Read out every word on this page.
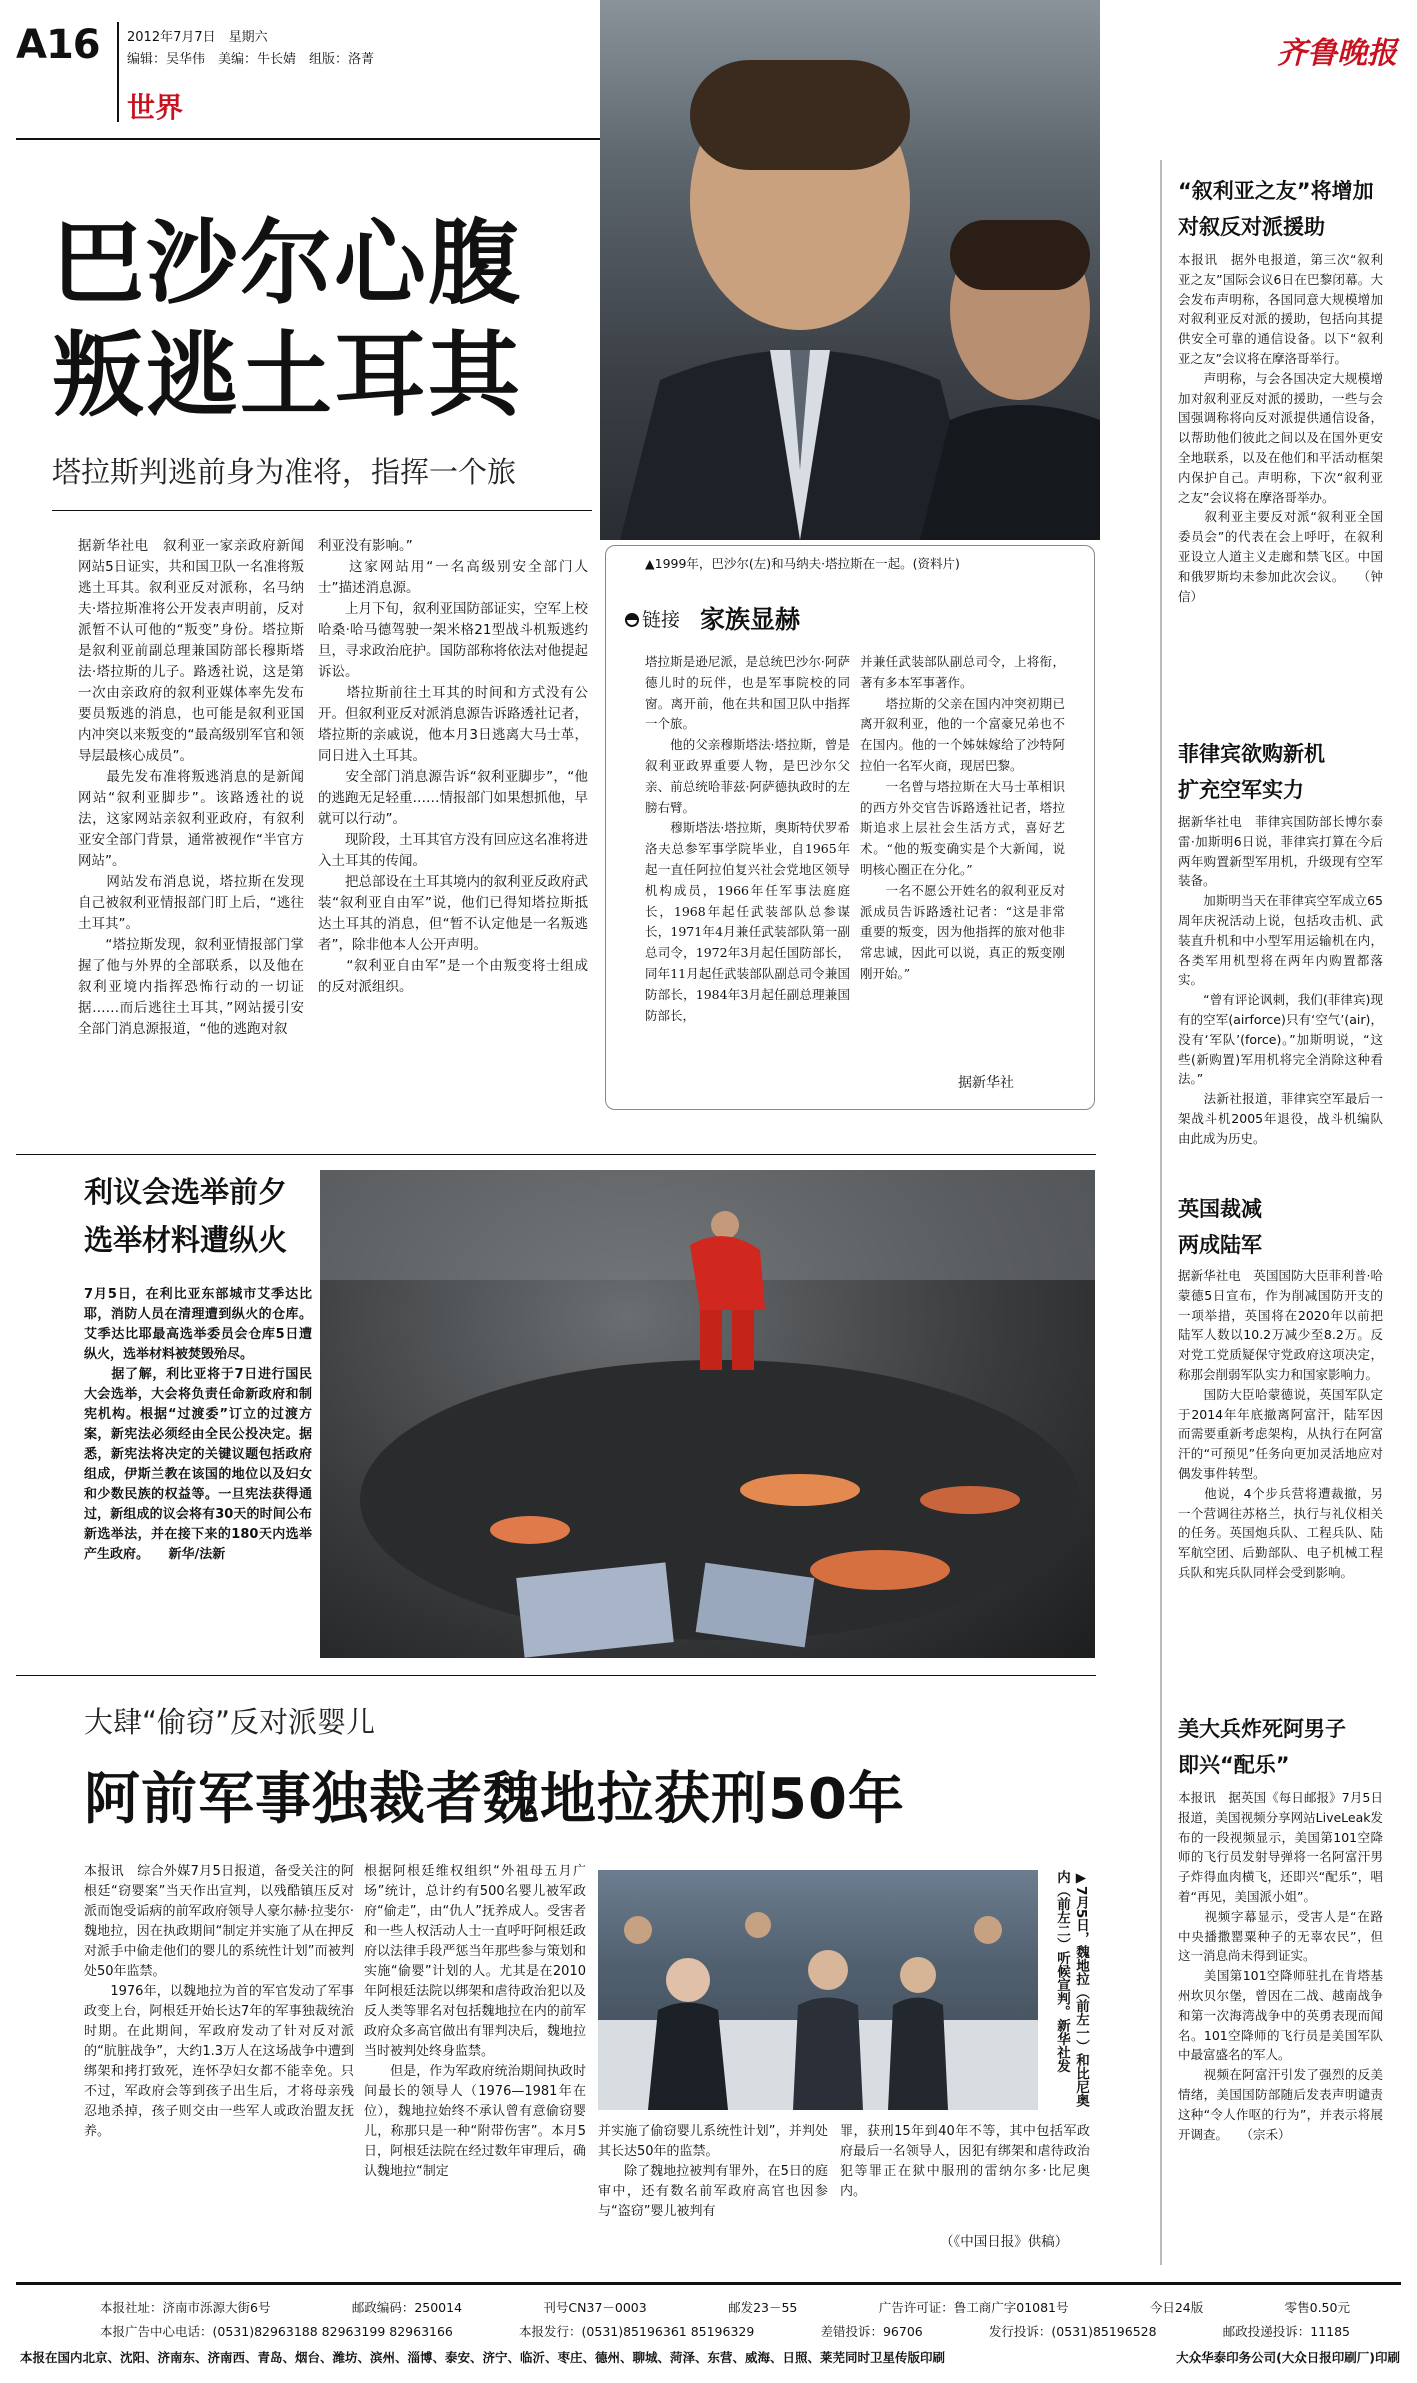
A16 2012年7月7日　星期六
编辑：吴华伟　美编：牛长婧　组版：洛菁
世界
齐鲁晚报
巴沙尔心腹
叛逃土耳其
塔拉斯判逃前身为准将，指挥一个旅
据新华社电　叙利亚一家亲政府新闻网站5日证实，共和国卫队一名准将叛逃土耳其。叙利亚反对派称，名马纳夫·塔拉斯准将公开发表声明前，反对派暂不认可他的“叛变”身份。塔拉斯是叙利亚前副总理兼国防部长穆斯塔法·塔拉斯的儿子。路透社说，这是第一次由亲政府的叙利亚媒体率先发布要员叛逃的消息，也可能是叙利亚国内冲突以来叛变的“最高级别军官和领导层最核心成员”。
　　最先发布准将叛逃消息的是新闻网站“叙利亚脚步”。该路透社的说法，这家网站亲叙利亚政府，有叙利亚安全部门背景，通常被视作“半官方网站”。
　　网站发布消息说，塔拉斯在发现自己被叙利亚情报部门盯上后，“逃往土耳其”。
　　“塔拉斯发现，叙利亚情报部门掌握了他与外界的全部联系，以及他在叙利亚境内指挥恐怖行动的一切证据……而后逃往土耳其，”网站援引安全部门消息源报道，“他的逃跑对叙
利亚没有影响。”
　　这家网站用“一名高级别安全部门人士”描述消息源。
　　上月下旬，叙利亚国防部证实，空军上校哈桑·哈马德驾驶一架米格21型战斗机叛逃约旦，寻求政治庇护。国防部称将依法对他提起诉讼。
　　塔拉斯前往土耳其的时间和方式没有公开。但叙利亚反对派消息源告诉路透社记者，塔拉斯的亲戚说，他本月3日逃离大马士革，同日进入土耳其。
　　安全部门消息源告诉“叙利亚脚步”，“他的逃跑无足轻重……情报部门如果想抓他，早就可以行动”。
　　现阶段，土耳其官方没有回应这名准将进入土耳其的传闻。
　　把总部设在土耳其境内的叙利亚反政府武装“叙利亚自由军”说，他们已得知塔拉斯抵达土耳其的消息，但“暂不认定他是一名叛逃者”，除非他本人公开声明。
　　“叙利亚自由军”是一个由叛变将士组成的反对派组织。
▲1999年，巴沙尔(左)和马纳夫·塔拉斯在一起。(资料片)
链接 家族显赫
塔拉斯是逊尼派，是总统巴沙尔·阿萨德儿时的玩伴，也是军事院校的同窗。离开前，他在共和国卫队中指挥一个旅。
　　他的父亲穆斯塔法·塔拉斯，曾是叙利亚政界重要人物，是巴沙尔父亲、前总统哈菲兹·阿萨德执政时的左膀右臂。
　　穆斯塔法·塔拉斯，奥斯特伏罗希洛夫总参军事学院毕业，自1965年起一直任阿拉伯复兴社会党地区领导机构成员，1966年任军事法庭庭长，1968年起任武装部队总参谋长，1971年4月兼任武装部队第一副总司令，1972年3月起任国防部长，同年11月起任武装部队副总司令兼国防部长，1984年3月起任副总理兼国防部长，
并兼任武装部队副总司令，上将衔，著有多本军事著作。
　　塔拉斯的父亲在国内冲突初期已离开叙利亚，他的一个富豪兄弟也不在国内。他的一个姊妹嫁给了沙特阿拉伯一名军火商，现居巴黎。
　　一名曾与塔拉斯在大马士革相识的西方外交官告诉路透社记者，塔拉斯追求上层社会生活方式，喜好艺术。“他的叛变确实是个大新闻，说明核心圈正在分化。”
　　一名不愿公开姓名的叙利亚反对派成员告诉路透社记者：“这是非常重要的叛变，因为他指挥的旅对他非常忠诚，因此可以说，真正的叛变刚刚开始。”
据新华社
利议会选举前夕
选举材料遭纵火
7月5日，在利比亚东部城市艾季达比耶，消防人员在清理遭到纵火的仓库。艾季达比耶最高选举委员会仓库5日遭纵火，选举材料被焚毁殆尽。
　　据了解，利比亚将于7日进行国民大会选举，大会将负责任命新政府和制宪机构。根据“过渡委”订立的过渡方案，新宪法必须经由全民公投决定。据悉，新宪法将决定的关键议题包括政府组成，伊斯兰教在该国的地位以及妇女和少数民族的权益等。一旦宪法获得通过，新组成的议会将有30天的时间公布新选举法，并在接下来的180天内选举产生政府。　　新华/法新
大肆“偷窃”反对派婴儿
阿前军事独裁者魏地拉获刑50年
本报讯　综合外媒7月5日报道，备受关注的阿根廷“窃婴案”当天作出宣判，以残酷镇压反对派而饱受诟病的前军政府领导人豪尔赫·拉斐尔·魏地拉，因在执政期间“制定并实施了从在押反对派手中偷走他们的婴儿的系统性计划”而被判处50年监禁。
　　1976年，以魏地拉为首的军官发动了军事政变上台，阿根廷开始长达7年的军事独裁统治时期。在此期间，军政府发动了针对反对派的“肮脏战争”，大约1.3万人在这场战争中遭到绑架和拷打致死，连怀孕妇女都不能幸免。只不过，军政府会等到孩子出生后，才将母亲残忍地杀掉，孩子则交由一些军人或政治盟友抚养。
根据阿根廷维权组织“外祖母五月广场”统计，总计约有500名婴儿被军政府“偷走”，由“仇人”抚养成人。受害者和一些人权活动人士一直呼吁阿根廷政府以法律手段严惩当年那些参与策划和实施“偷婴”计划的人。尤其是在2010年阿根廷法院以绑架和虐待政治犯以及反人类等罪名对包括魏地拉在内的前军政府众多高官做出有罪判决后，魏地拉当时被判处终身监禁。
　　但是，作为军政府统治期间执政时间最长的领导人（1976—1981年在位），魏地拉始终不承认曾有意偷窃婴儿，称那只是一种“附带伤害”。本月5日，阿根廷法院在经过数年审理后，确认魏地拉“制定
▶7月5日，魏地拉（前左一）和比尼奥内（前左二）听候宣判。新华社发
并实施了偷窃婴儿系统性计划”，并判处其长达50年的监禁。
　　除了魏地拉被判有罪外，在5日的庭审中，还有数名前军政府高官也因参与“盗窃”婴儿被判有
罪，获刑15年到40年不等，其中包括军政府最后一名领导人，因犯有绑架和虐待政治犯等罪正在狱中服刑的雷纳尔多·比尼奥内。
（《中国日报》供稿）
“叙利亚之友”将增加
对叙反对派援助
本报讯　据外电报道，第三次“叙利亚之友”国际会议6日在巴黎闭幕。大会发布声明称，各国同意大规模增加对叙利亚反对派的援助，包括向其提供安全可靠的通信设备。以下“叙利亚之友”会议将在摩洛哥举行。
　　声明称，与会各国决定大规模增加对叙利亚反对派的援助，一些与会国强调称将向反对派提供通信设备，以帮助他们彼此之间以及在国外更安全地联系，以及在他们和平活动框架内保护自己。声明称，下次“叙利亚之友”会议将在摩洛哥举办。
　　叙利亚主要反对派“叙利亚全国委员会”的代表在会上呼吁，在叙利亚设立人道主义走廊和禁飞区。中国和俄罗斯均未参加此次会议。　　（钟信）
菲律宾欲购新机
扩充空军实力
据新华社电　菲律宾国防部长博尔泰雷·加斯明6日说，菲律宾打算在今后两年购置新型军用机，升级现有空军装备。
　　加斯明当天在菲律宾空军成立65周年庆祝活动上说，包括攻击机、武装直升机和中小型军用运输机在内，各类军用机型将在两年内购置都落实。
　　“曾有评论讽刺，我们(菲律宾)现有的空军(airforce)只有‘空气’(air)，没有‘军队’(force)。”加斯明说，“这些(新购置)军用机将完全消除这种看法。”
　　法新社报道，菲律宾空军最后一架战斗机2005年退役，战斗机编队由此成为历史。
英国裁减
两成陆军
据新华社电　英国国防大臣菲利普·哈蒙德5日宣布，作为削减国防开支的一项举措，英国将在2020年以前把陆军人数以10.2万减少至8.2万。反对党工党质疑保守党政府这项决定，称那会削弱军队实力和国家影响力。
　　国防大臣哈蒙德说，英国军队定于2014年年底撤离阿富汗，陆军因而需要重新考虑架构，从执行在阿富汗的“可预见”任务向更加灵活地应对偶发事件转型。
　　他说，4个步兵营将遭裁撤，另一个营调往苏格兰，执行与礼仪相关的任务。英国炮兵队、工程兵队、陆军航空团、后勤部队、电子机械工程兵队和宪兵队同样会受到影响。
美大兵炸死阿男子
即兴“配乐”
本报讯　据英国《每日邮报》7月5日报道，美国视频分享网站LiveLeak发布的一段视频显示，美国第101空降师的飞行员发射导弹将一名阿富汗男子炸得血肉横飞，还即兴“配乐”，唱着“再见，美国派小姐”。
　　视频字幕显示，受害人是“在路中央播撒罂粟种子的无辜农民”，但这一消息尚未得到证实。
　　美国第101空降师驻扎在肯塔基州坎贝尔堡，曾因在二战、越南战争和第一次海湾战争中的英勇表现而闻名。101空降师的飞行员是美国军队中最富盛名的军人。
　　视频在阿富汗引发了强烈的反美情绪，美国国防部随后发表声明谴责这种“令人作呕的行为”，并表示将展开调查。　　（宗禾）
本报社址：济南市泺源大街6号	邮政编码：250014	刊号CN37－0003	邮发23－55	广告许可证：鲁工商广字01081号	今日24版	零售0.50元
本报广告中心电话：(0531)82963188 82963199 82963166	本报发行：(0531)85196361 85196329	差错投诉：96706	发行投诉：(0531)85196528	邮政投递投诉：11185
本报在国内北京、沈阳、济南东、济南西、青岛、烟台、潍坊、滨州、淄博、泰安、济宁、临沂、枣庄、德州、聊城、菏泽、东营、威海、日照、莱芜同时卫星传版印刷	大众华泰印务公司(大众日报印刷厂)印刷
